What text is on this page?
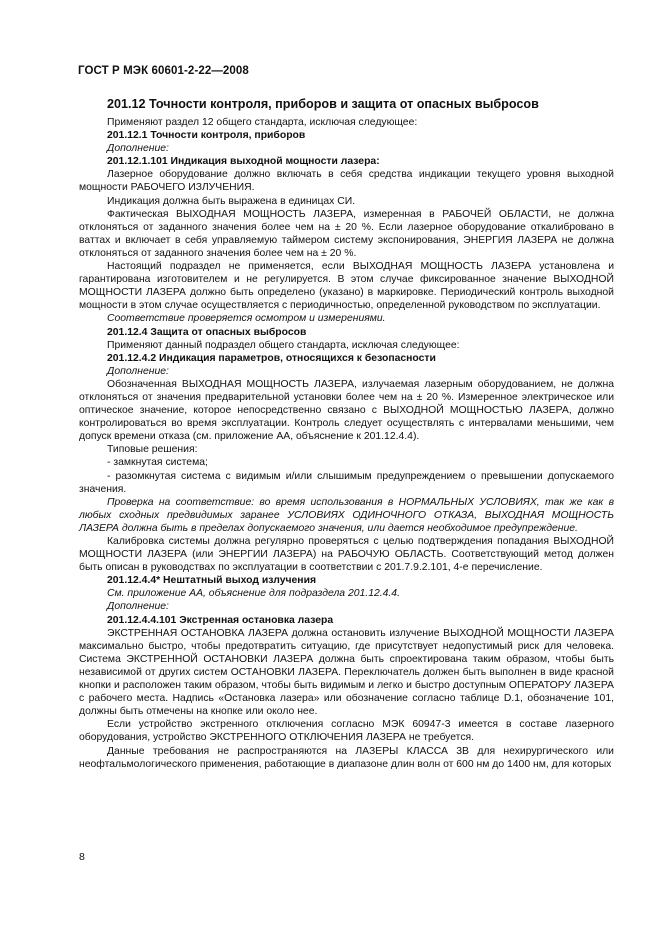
ГОСТ Р МЭК 60601-2-22—2008

201.12 Точности контроля, приборов и защита от опасных выбросов

Применяют раздел 12 общего стандарта, исключая следующее:

201.12.1 Точности контроля, приборов

Дополнение:

201.12.1.101 Индикация выходной мощности лазера:

Лазерное оборудование должно включать в себя средства индикации текущего уровня выходной мощности РАБОЧЕГО ИЗЛУЧЕНИЯ.

Индикация должна быть выражена в единицах СИ.

Фактическая ВЫХОДНАЯ МОЩНОСТЬ ЛАЗЕРА, измеренная в РАБОЧЕЙ ОБЛАСТИ, не должна отклоняться от заданного значения более чем на ± 20 %. Если лазерное оборудование откалибровано в ваттах и включает в себя управляемую таймером систему экспонирования, ЭНЕРГИЯ ЛАЗЕРА не должна отклоняться от заданного значения более чем на ± 20 %.

Настоящий подраздел не применяется, если ВЫХОДНАЯ МОЩНОСТЬ ЛАЗЕРА установлена и гарантирована изготовителем и не регулируется. В этом случае фиксированное значение ВЫХОДНОЙ МОЩНОСТИ ЛАЗЕРА должно быть определено (указано) в маркировке. Периодический контроль выходной мощности в этом случае осуществляется с периодичностью, определенной руководством по эксплуатации.

Соответствие проверяется осмотром и измерениями.

201.12.4 Защита от опасных выбросов

Применяют данный подраздел общего стандарта, исключая следующее:

201.12.4.2 Индикация параметров, относящихся к безопасности

Дополнение:

Обозначенная ВЫХОДНАЯ МОЩНОСТЬ ЛАЗЕРА, излучаемая лазерным оборудованием, не должна отклоняться от значения предварительной установки более чем на ± 20 %. Измеренное электрическое или оптическое значение, которое непосредственно связано с ВЫХОДНОЙ МОЩНОСТЬЮ ЛАЗЕРА, должно контролироваться во время эксплуатации. Контроль следует осуществлять с интервалами меньшими, чем допуск времени отказа (см. приложение АА, объяснение к 201.12.4.4).

Типовые решения:

- замкнутая система;

- разомкнутая система с видимым и/или слышимым предупреждением о превышении допускаемого значения.

Проверка на соответствие: во время использования в НОРМАЛЬНЫХ УСЛОВИЯХ, так же как в любых сходных предвидимых заранее УСЛОВИЯХ ОДИНОЧНОГО ОТКАЗА, ВЫХОДНАЯ МОЩНОСТЬ ЛАЗЕРА должна быть в пределах допускаемого значения, или дается необходимое предупреждение.

Калибровка системы должна регулярно проверяться с целью подтверждения попадания ВЫХОДНОЙ МОЩНОСТИ ЛАЗЕРА (или ЭНЕРГИИ ЛАЗЕРА) на РАБОЧУЮ ОБЛАСТЬ. Соответствующий метод должен быть описан в руководствах по эксплуатации в соответствии с 201.7.9.2.101, 4-е перечисление.

201.12.4.4* Нештатный выход излучения

См. приложение АА, объяснение для подраздела 201.12.4.4.

Дополнение:

201.12.4.4.101 Экстренная остановка лазера

ЭКСТРЕННАЯ ОСТАНОВКА ЛАЗЕРА должна остановить излучение ВЫХОДНОЙ МОЩНОСТИ ЛАЗЕРА максимально быстро, чтобы предотвратить ситуацию, где присутствует недопустимый риск для человека. Система ЭКСТРЕННОЙ ОСТАНОВКИ ЛАЗЕРА должна быть спроектирована таким образом, чтобы быть независимой от других систем ОСТАНОВКИ ЛАЗЕРА. Переключатель должен быть выполнен в виде красной кнопки и расположен таким образом, чтобы быть видимым и легко и быстро доступным ОПЕРАТОРУ ЛАЗЕРА с рабочего места. Надпись «Остановка лазера» или обозначение согласно таблице D.1, обозначение 101, должны быть отмечены на кнопке или около нее.

Если устройство экстренного отключения согласно МЭК 60947-3 имеется в составе лазерного оборудования, устройство ЭКСТРЕННОГО ОТКЛЮЧЕНИЯ ЛАЗЕРА не требуется.

Данные требования не распространяются на ЛАЗЕРЫ КЛАССА 3В для нехирургического или неофтальмологического применения, работающие в диапазоне длин волн от 600 нм до 1400 нм, для которых

8
